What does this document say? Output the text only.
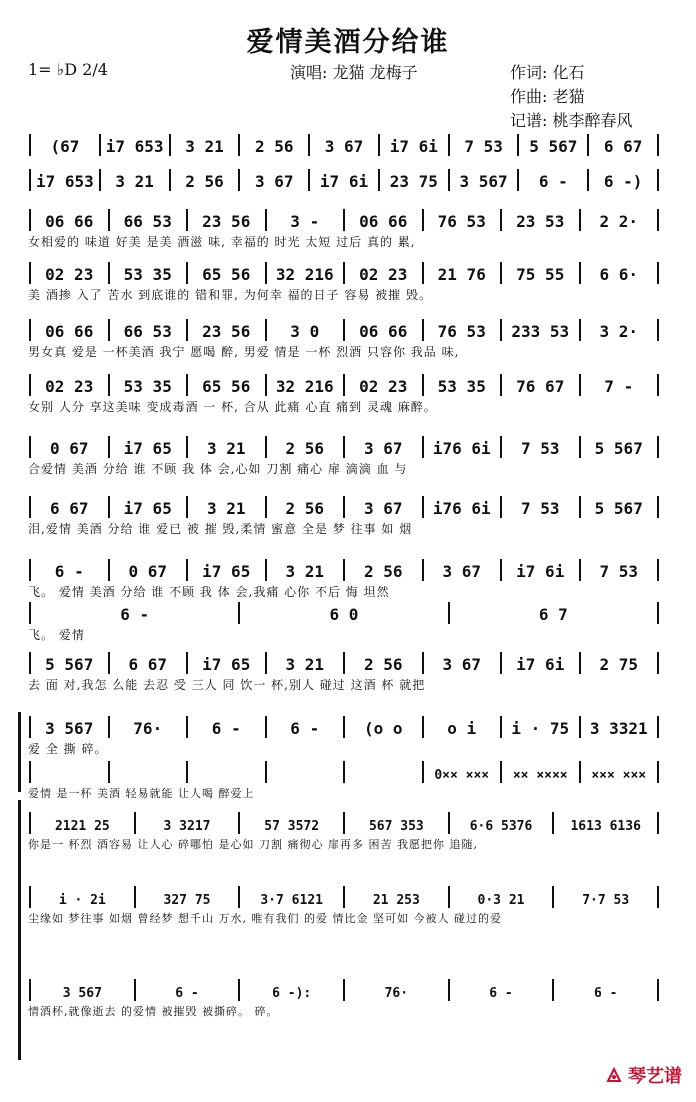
爱情美酒分给谁
1= ♭D 2/4	演唱: 龙猫 龙梅子	作词: 化石
作曲: 老猫
记谱: 桃李醉春风
(67	i7 653	3 21	2 56	3 67	i7 6i	7 53	5 567	6 67
i7 653	3 21	2 56	3 67	i7 6i	23 75	3 567	6 -	6 -)
06 66	66 53	23 56	3 -	06 66	76 53	23 53	2 2·
女相爱的 味道 好美 是美 酒滋 味, 幸福的 时光 太短 过后 真的 累,
02 23	53 35	65 56	32 216	02 23	21 76	75 55	6 6·
美 酒掺 入了 苦水 到底谁的 错和罪, 为何幸 福的日子 容易 被摧 毁。
06 66	66 53	23 56	3 0	06 66	76 53	233 53	3 2·
男女真 爱是 一杯美酒 我宁 愿喝 醉, 男爱 情是 一杯 烈酒 只容你 我品 味,
02 23	53 35	65 56	32 216	02 23	53 35	76 67	7 -
女别 人分 享这美味 变成毒酒 一 杯, 合从 此痛 心直 痛到 灵魂 麻醉。
0 67	i7 65	3 21	2 56	3 67	i76 6i	7 53	5 567
合爱情 美酒 分给 谁 不顾 我 体 会,心如 刀割 痛心 扉 滴滴 血 与
6 67	i7 65	3 21	2 56	3 67	i76 6i	7 53	5 567
泪,爱情 美酒 分给 谁 爱已 被 摧 毁,柔情 蜜意 全是 梦 往事 如 烟
6 -	0 67	i7 65	3 21	2 56	3 67	i7 6i	7 53
飞。 爱情 美酒 分给 谁 不顾 我 体 会,我痛 心你 不后 悔 坦然
6 -	6 0	6 7
飞。 爱情
5 567	6 67	i7 65	3 21	2 56	3 67	i7 6i	2 75
去 面 对,我怎 么能 去忍 受 三人 同 饮一 杯,别人 碰过 这酒 杯 就把
3 567	76·	6 -	6 -	(o o	o i	i · 75	3 3321
爱 全 撕 碎。
0×× ×××	×× ××××	××× ×××
爱情 是一杯 美酒 轻易就能 让人喝 醉爱上
2121 25	3 3217	57 3572	567 353	6·6 5376	1613 6136
你是一 杯烈 酒容易 让人心 碎哪怕 是心如 刀割 痛彻心 扉再多 困苦 我愿把你 追随,
i · 2i	327 75	3·7 6121	21 253	0·3 21	7·7 53
尘缘如 梦往事 如烟 曾经梦 想千山 万水, 唯有我们 的爱 情比金 坚可如 今被人 碰过的爱
3 567	6 -	6 -):	76·	6 -	6 -
情酒杯,就像逝去 的爱情 被摧毁 被撕碎。 碎。
琴艺谱
